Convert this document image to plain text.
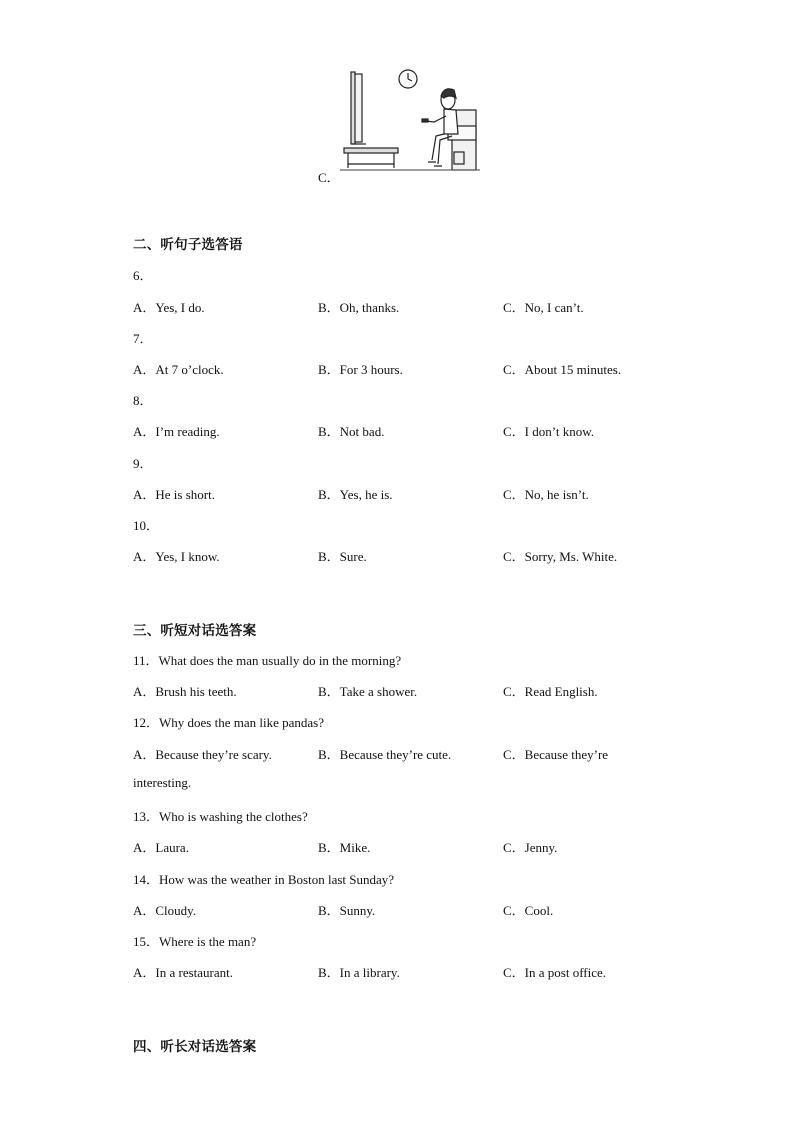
C．
二、听句子选答语
6．
A．Yes, I do.	B．Oh, thanks.	C．No, I can’t.
7．
A．At 7 o’clock.	B．For 3 hours.	C．About 15 minutes.
8．
A．I’m reading.	B．Not bad.	C．I don’t know.
9．
A．He is short.	B．Yes, he is.	C．No, he isn’t.
10．
A．Yes, I know.	B．Sure.	C．Sorry, Ms. White.
三、听短对话选答案
11．What does the man usually do in the morning?
A．Brush his teeth.	B．Take a shower.	C．Read English.
12．Why does the man like pandas?
A．Because they’re scary.	B．Because they’re cute.	C．Because they’re
interesting.
13．Who is washing the clothes?
A．Laura.	B．Mike.	C．Jenny.
14．How was the weather in Boston last Sunday?
A．Cloudy.	B．Sunny.	C．Cool.
15．Where is the man?
A．In a restaurant.	B．In a library.	C．In a post office.
四、听长对话选答案
